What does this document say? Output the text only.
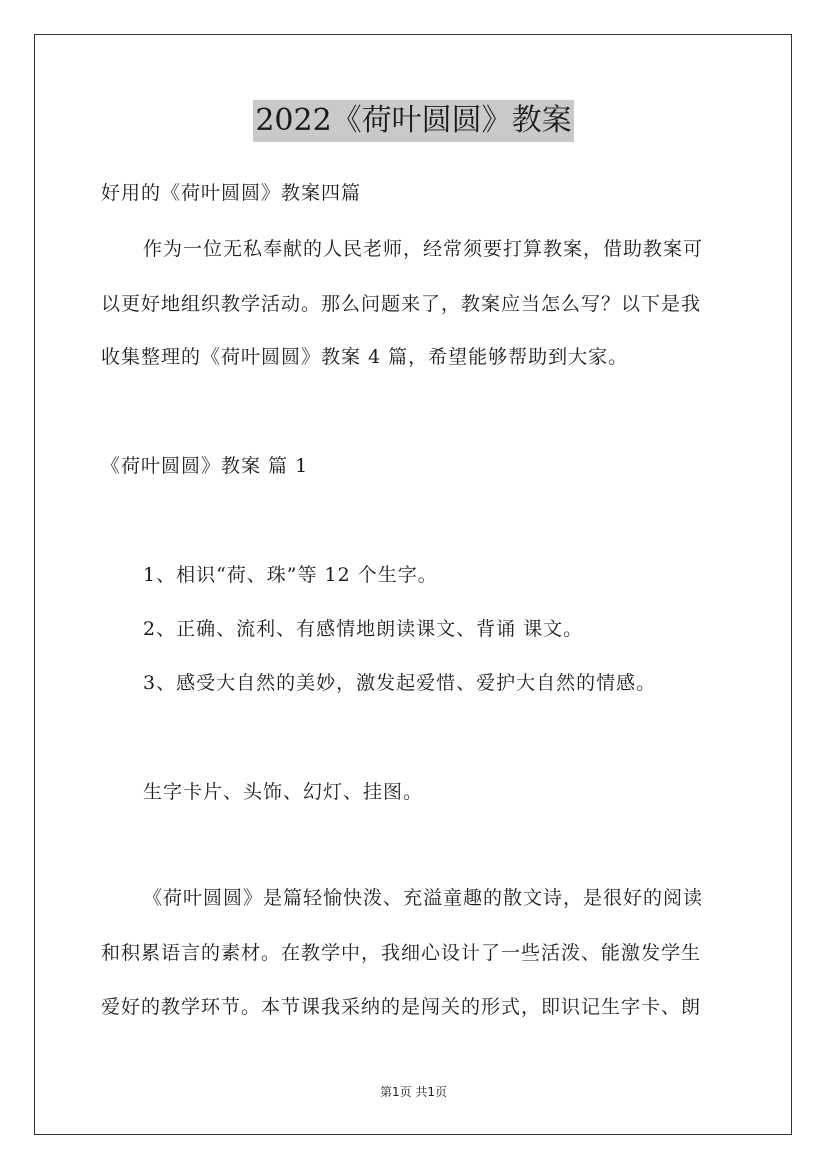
2022《荷叶圆圆》教案
好用的《荷叶圆圆》教案四篇
作为一位无私奉献的人民老师，经常须要打算教案，借助教案可
以更好地组织教学活动。那么问题来了，教案应当怎么写？以下是我
收集整理的《荷叶圆圆》教案 4 篇，希望能够帮助到大家。
《荷叶圆圆》教案 篇 1
1、相识“荷、珠”等 12 个生字。
2、正确、流利、有感情地朗读课文、背诵 课文。
3、感受大自然的美妙，激发起爱惜、爱护大自然的情感。
生字卡片、头饰、幻灯、挂图。
《荷叶圆圆》是篇轻愉快泼、充溢童趣的散文诗，是很好的阅读
和积累语言的素材。在教学中，我细心设计了一些活泼、能激发学生
爱好的教学环节。本节课我采纳的是闯关的形式，即识记生字卡、朗
第1页 共1页
